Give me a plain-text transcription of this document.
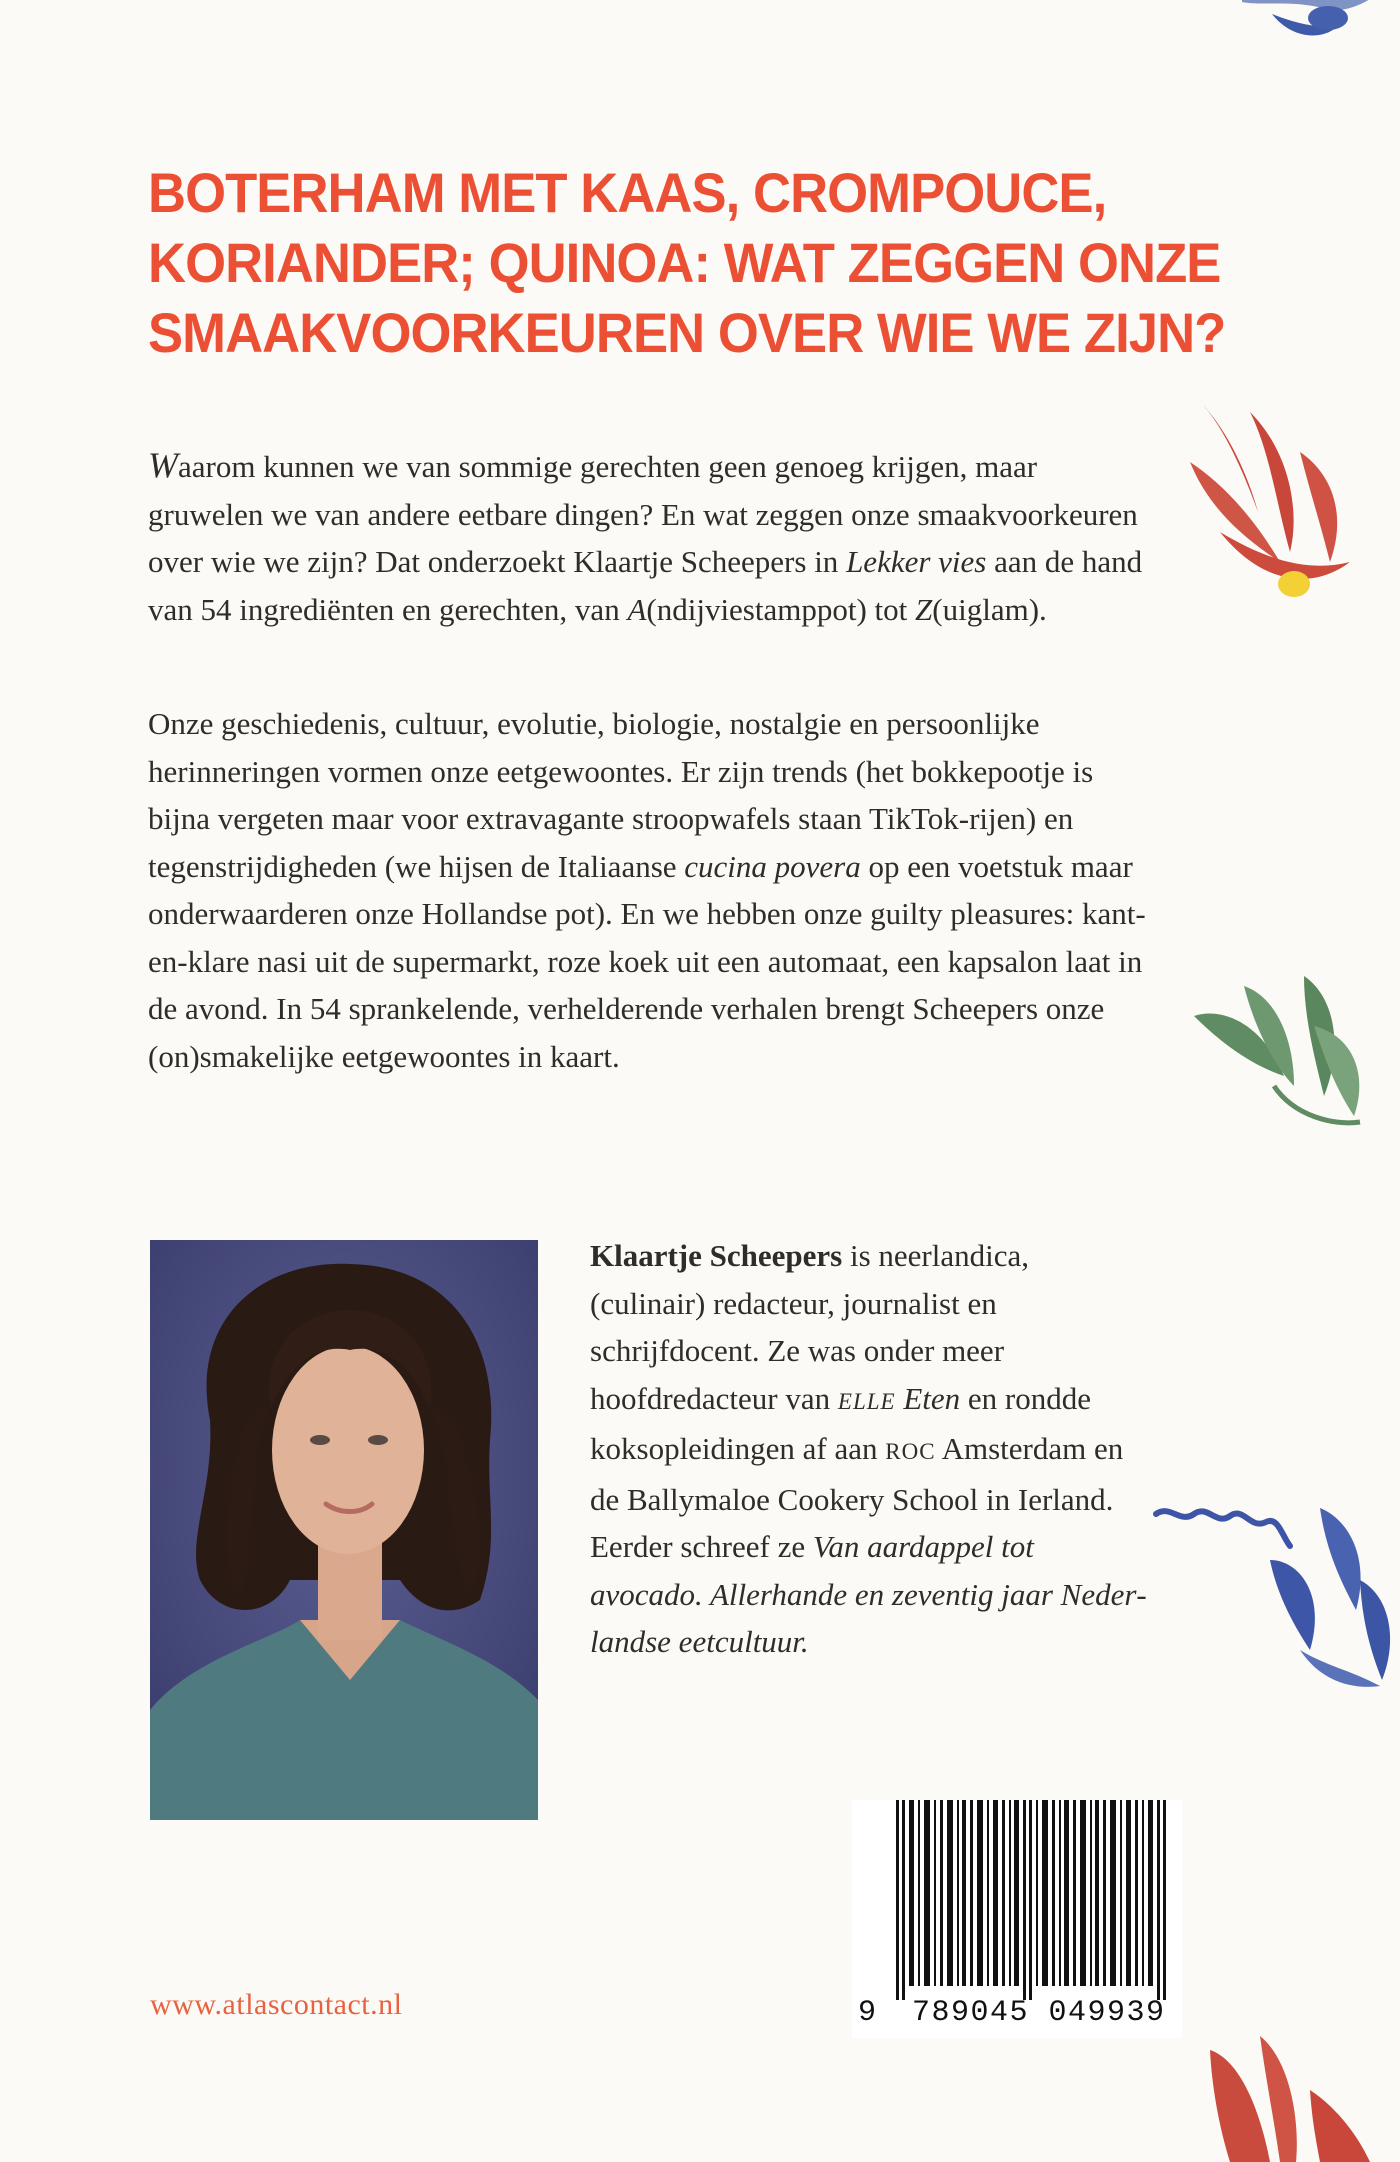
BOTERHAM MET KAAS, CROMPOUCE,
KORIANDER; QUINOA: WAT ZEGGEN ONZE
SMAAKVOORKEUREN OVER WIE WE ZIJN?

Waarom kunnen we van sommige gerechten geen genoeg krijgen, maar gruwelen we van andere eetbare dingen? En wat zeggen onze smaakvoorkeuren over wie we zijn? Dat onderzoekt Klaartje Scheepers in Lekker vies aan de hand van 54 ingrediënten en gerechten, van A(ndijviestamppot) tot Z(uiglam).

Onze geschiedenis, cultuur, evolutie, biologie, nostalgie en persoonlijke herinneringen vormen onze eetgewoontes. Er zijn trends (het bokkepootje is bijna vergeten maar voor extravagante stroopwafels staan TikTok-rijen) en tegenstrijdigheden (we hijsen de Italiaanse cucina povera op een voetstuk maar onderwaarderen onze Hollandse pot). En we hebben onze guilty pleasures: kant-en-klare nasi uit de supermarkt, roze koek uit een automaat, een kapsalon laat in de avond. In 54 sprankelende, verhelderende verhalen brengt Scheepers onze (on)smakelijke eetgewoontes in kaart.

Klaartje Scheepers is neerlandica, (culinair) redacteur, journalist en schrijfdocent. Ze was onder meer hoofdredacteur van ELLE Eten en rondde koksopleidingen af aan ROC Amsterdam en de Ballymaloe Cookery School in Ierland. Eerder schreef ze Van aardappel tot avocado. Allerhande en zeventig jaar Nederlandse eetcultuur.

www.atlascontact.nl	9 789045 049939
